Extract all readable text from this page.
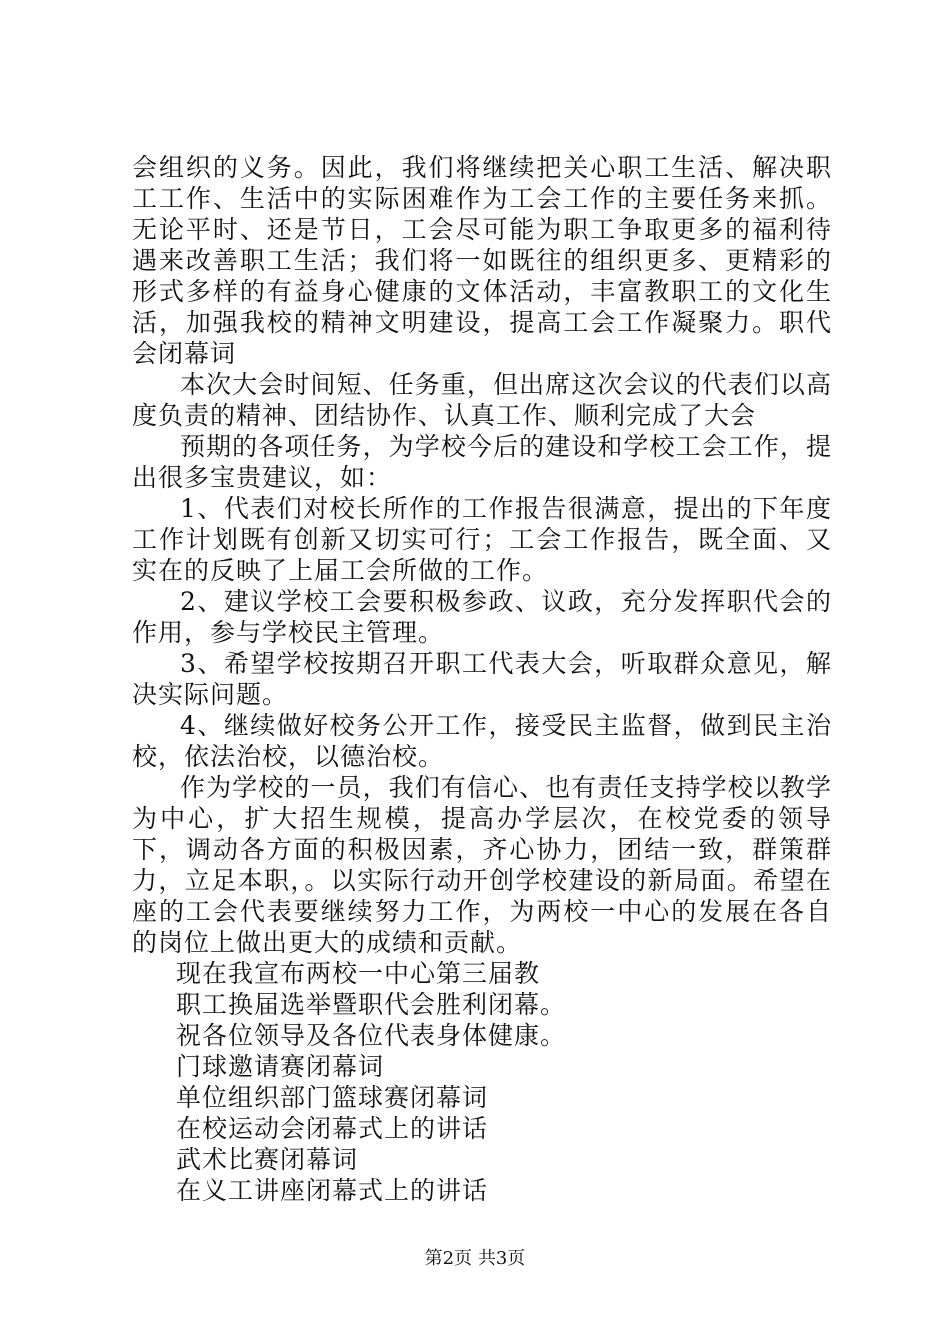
会组织的义务。因此，我们将继续把关心职工生活、解决职工工作、生活中的实际困难作为工会工作的主要任务来抓。无论平时、还是节日，工会尽可能为职工争取更多的福利待遇来改善职工生活；我们将一如既往的组织更多、更精彩的形式多样的有益身心健康的文体活动，丰富教职工的文化生活，加强我校的精神文明建设，提高工会工作凝聚力。职代会闭幕词

本次大会时间短、任务重，但出席这次会议的代表们以高度负责的精神、团结协作、认真工作、顺利完成了大会

预期的各项任务，为学校今后的建设和学校工会工作，提出很多宝贵建议，如：

1、代表们对校长所作的工作报告很满意，提出的下年度工作计划既有创新又切实可行；工会工作报告，既全面、又实在的反映了上届工会所做的工作。

2、建议学校工会要积极参政、议政，充分发挥职代会的作用，参与学校民主管理。

3、希望学校按期召开职工代表大会，听取群众意见，解决实际问题。

4、继续做好校务公开工作，接受民主监督，做到民主治校，依法治校，以德治校。

作为学校的一员，我们有信心、也有责任支持学校以教学为中心，扩大招生规模，提高办学层次，在校党委的领导下，调动各方面的积极因素，齐心协力，团结一致，群策群力，立足本职，。以实际行动开创学校建设的新局面。希望在座的工会代表要继续努力工作，为两校一中心的发展在各自的岗位上做出更大的成绩和贡献。

现在我宣布两校一中心第三届教

职工换届选举暨职代会胜利闭幕。

祝各位领导及各位代表身体健康。

门球邀请赛闭幕词

单位组织部门篮球赛闭幕词

在校运动会闭幕式上的讲话

武术比赛闭幕词

在义工讲座闭幕式上的讲话

第2页 共3页
